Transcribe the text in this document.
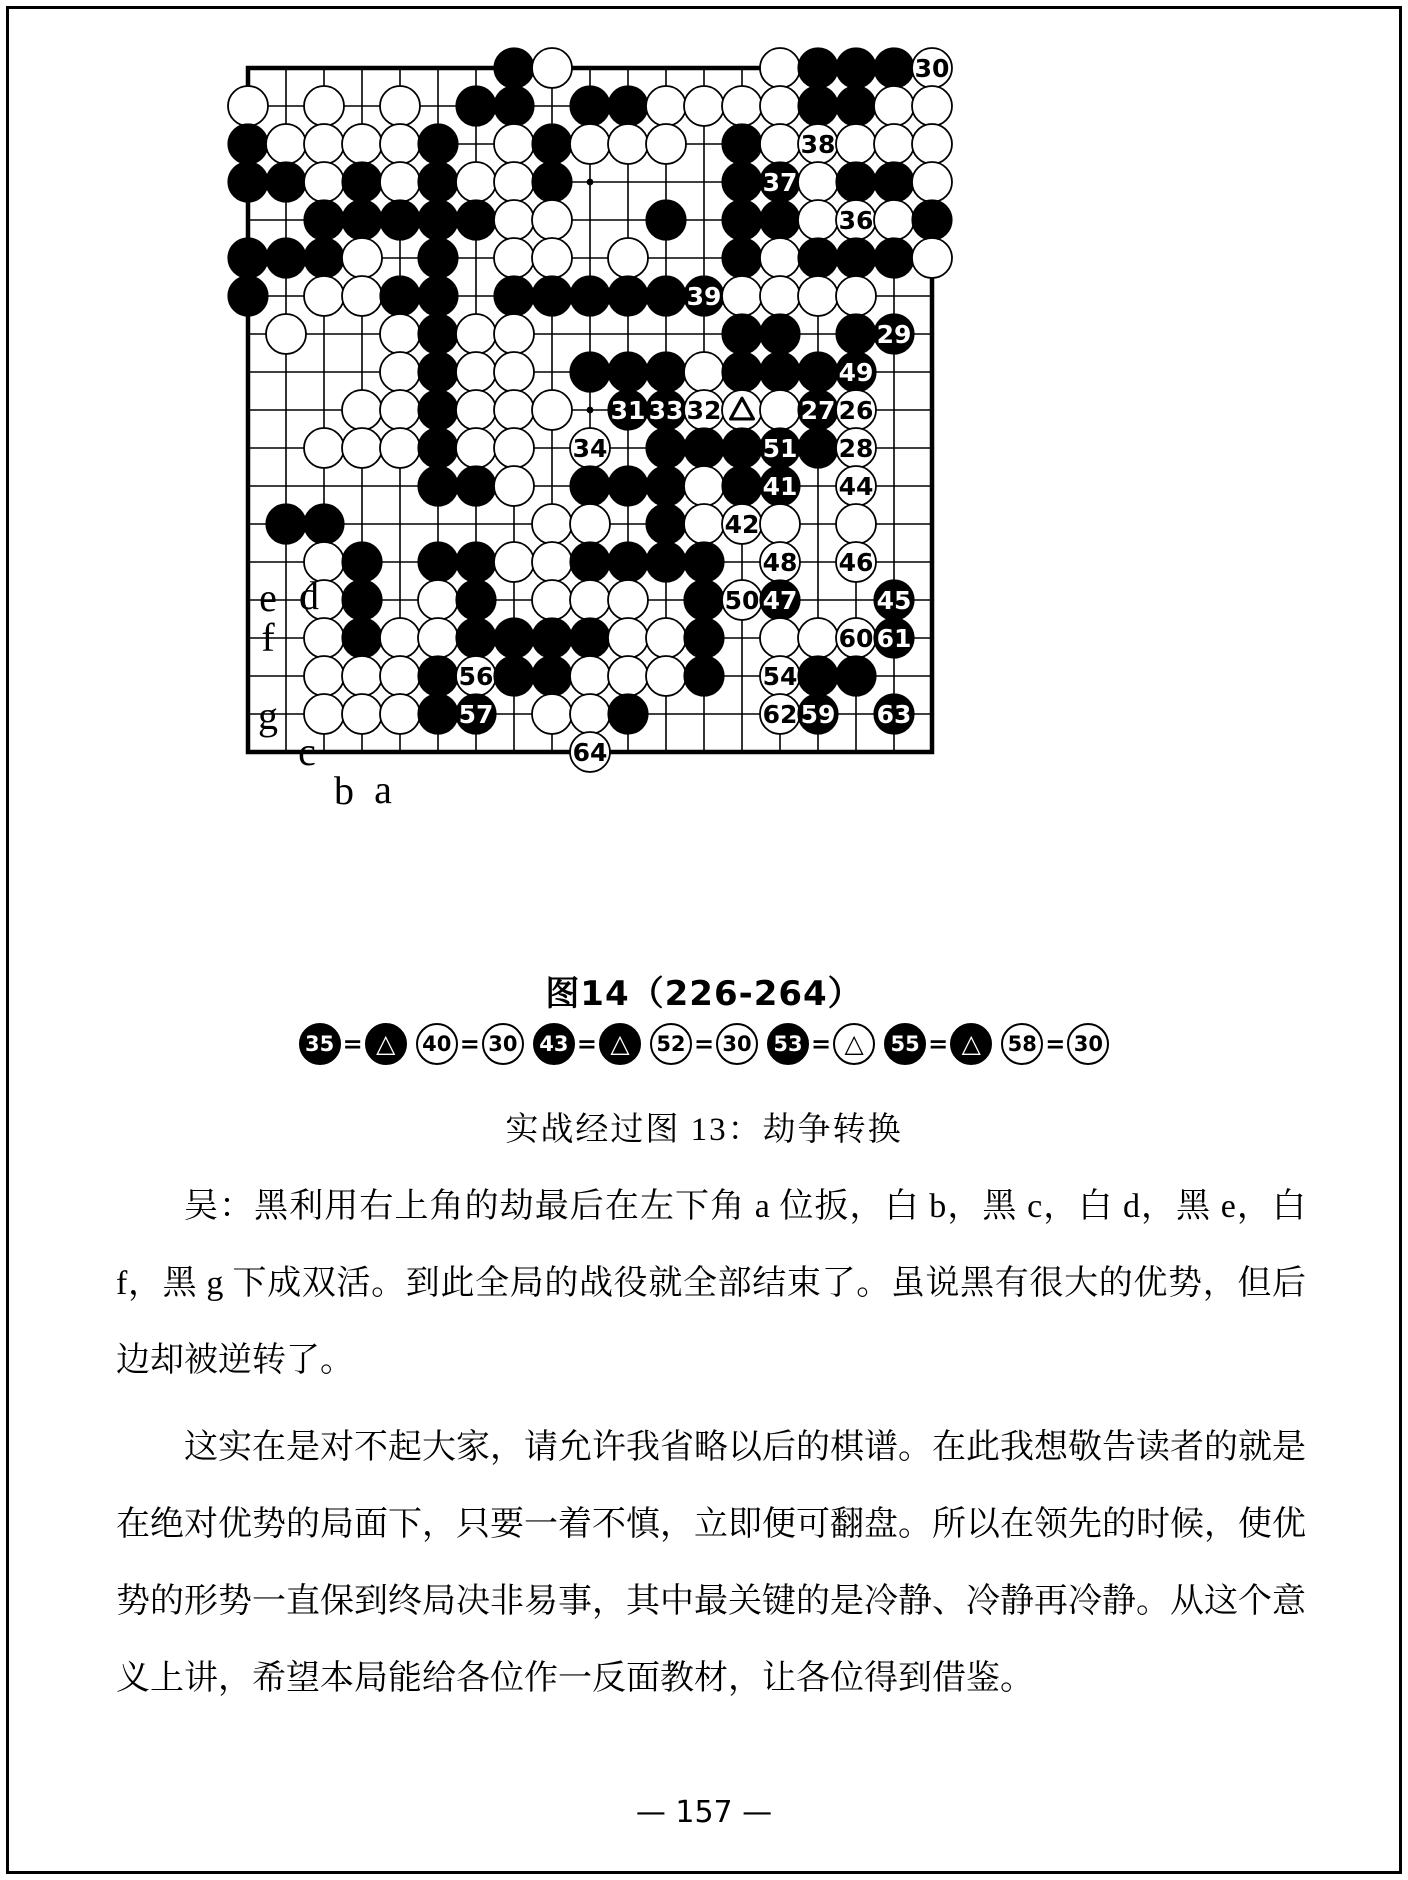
30
38
37
36
39
29
49
31 33 32	27 26
34	51 28
41 44
42
48 46
50 47	45
60 61
56	54
57	62 59 63
64
图14（226-264）
35 = △	40 = 30	43 = △	52 = 30	53 = △	55 = △	58 = 30
e d
f
g
c
b a
实战经过图 13：劫争转换

吴：黑利用右上角的劫最后在左下角 a 位扳，白 b，黑 c，白 d，黑 e，白 f，黑 g 下成双活。到此全局的战役就全部结束了。虽说黑有很大的优势，但后边却被逆转了。

这实在是对不起大家，请允许我省略以后的棋谱。在此我想敬告读者的就是在绝对优势的局面下，只要一着不慎，立即便可翻盘。所以在领先的时候，使优势的形势一直保到终局决非易事，其中最关键的是冷静、冷静再冷静。从这个意义上讲，希望本局能给各位作一反面教材，让各位得到借鉴。

— 157 —
